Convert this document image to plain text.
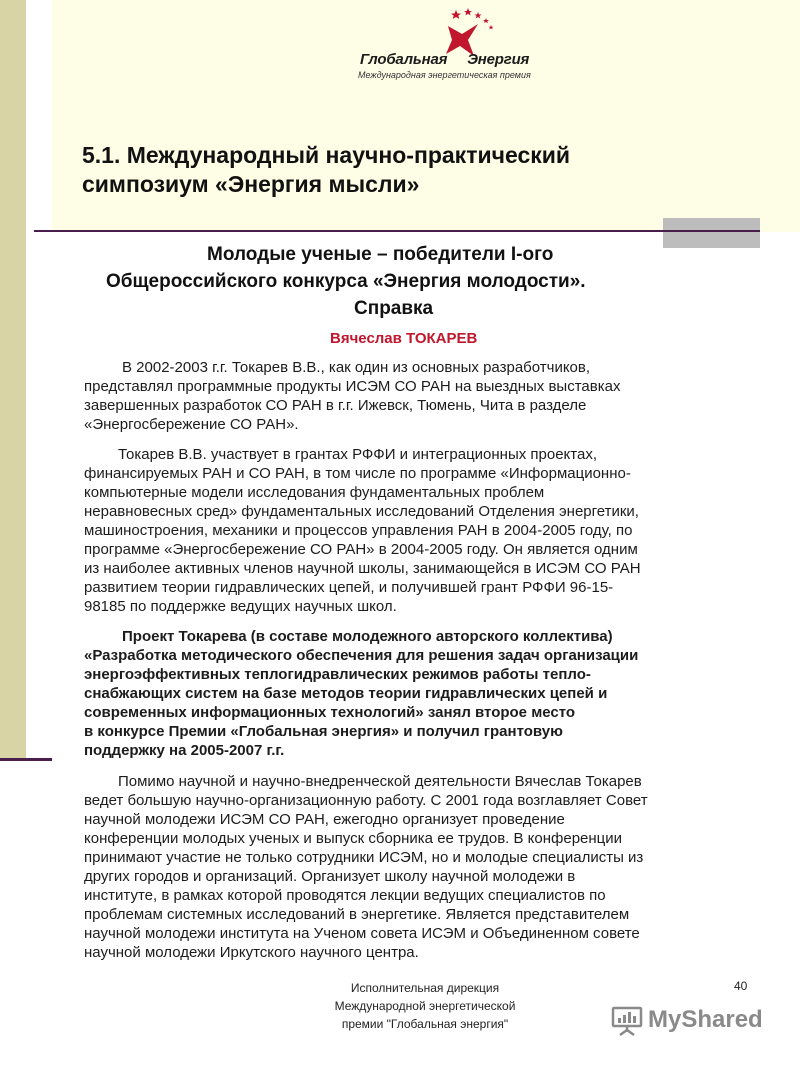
Глобальная Энергия
Международная энергетическая премия
5.1. Международный научно-практический
симпозиум «Энергия мысли»
Молодые ученые – победители I-ого
Общероссийского конкурса «Энергия молодости».
Справка
Вячеслав ТОКАРЕВ
В 2002-2003 г.г. Токарев В.В., как один из основных разработчиков,
представлял программные продукты ИСЭМ СО РАН на выездных выставках
завершенных разработок СО РАН в г.г. Ижевск, Тюмень, Чита в разделе
«Энергосбережение СО РАН».
Токарев В.В. участвует в грантах РФФИ и интеграционных проектах,
финансируемых РАН и СО РАН, в том числе по программе «Информационно-
компьютерные модели исследования фундаментальных проблем
неравновесных сред» фундаментальных исследований Отделения энергетики,
машиностроения, механики и процессов управления РАН в 2004-2005 году, по
программе «Энергосбережение СО РАН» в 2004-2005 году. Он является одним
из наиболее активных членов научной школы, занимающейся в ИСЭМ СО РАН
развитием теории гидравлических цепей, и получившей грант РФФИ 96-15-
98185 по поддержке ведущих научных школ.
Проект Токарева (в составе молодежного авторского коллектива)
«Разработка методического обеспечения для решения задач организации
энергоэффективных теплогидравлических режимов работы тепло-
снабжающих систем на базе методов теории гидравлических цепей и
современных информационных технологий» занял второе место
в конкурсе Премии «Глобальная энергия» и получил грантовую
поддержку на 2005-2007 г.г.
Помимо научной и научно-внедренческой деятельности Вячеслав Токарев
ведет большую научно-организационную работу. С 2001 года возглавляет Совет
научной молодежи ИСЭМ СО РАН, ежегодно организует проведение
конференции молодых ученых и выпуск сборника ее трудов. В конференции
принимают участие не только сотрудники ИСЭМ, но и молодые специалисты из
других городов и организаций. Организует школу научной молодежи в
институте, в рамках которой проводятся лекции ведущих специалистов по
проблемам системных исследований в энергетике. Является представителем
научной молодежи института на Ученом совета ИСЭМ и Объединенном совете
научной молодежи Иркутского научного центра.
Исполнительная дирекция
Международной энергетической
премии "Глобальная энергия"
40
MyShared
